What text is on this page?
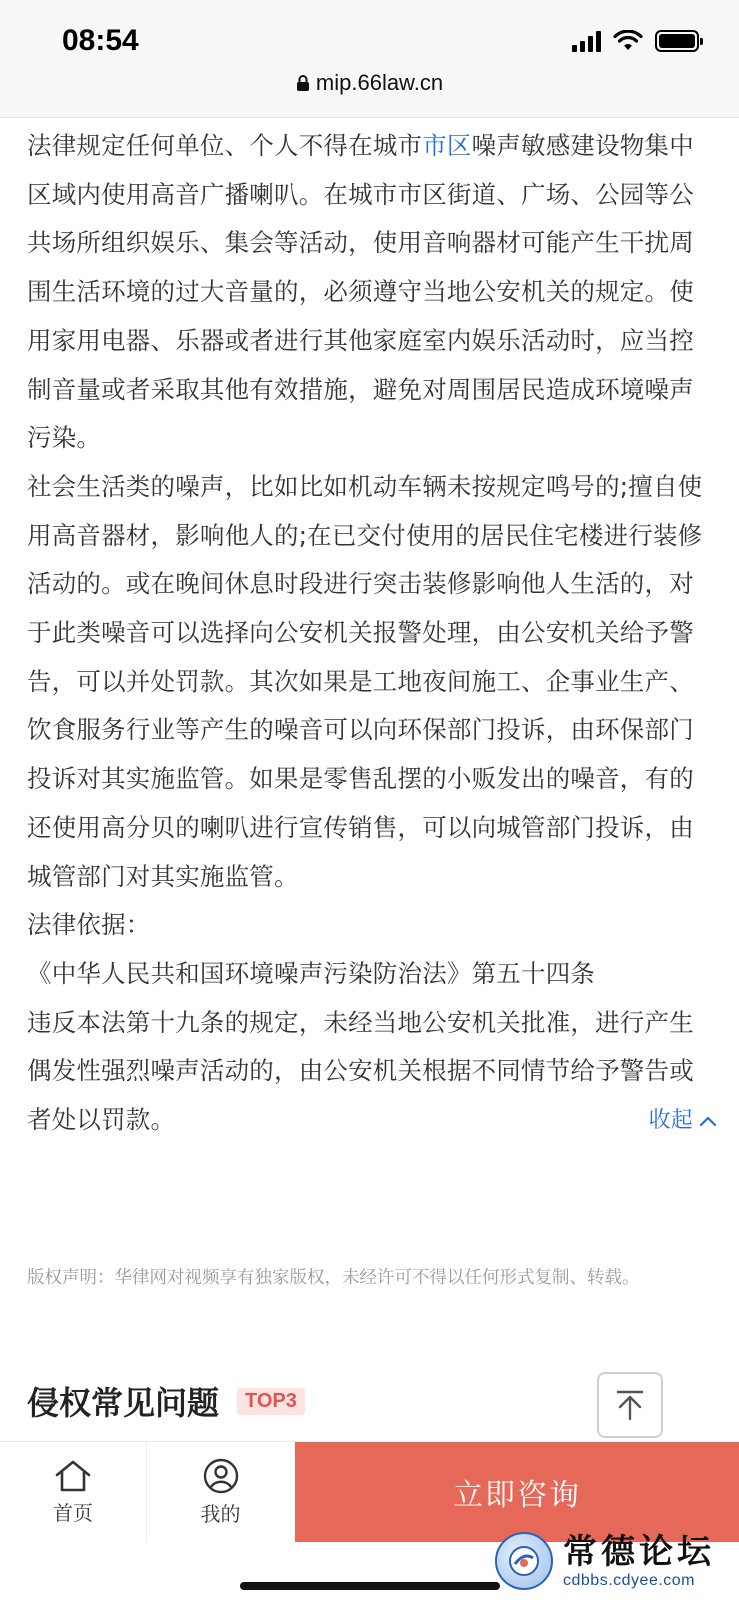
08:54
mip.66law.cn

法律规定任何单位、个人不得在城市市区噪声敏感建设物集中区域内使用高音广播喇叭。在城市市区街道、广场、公园等公共场所组织娱乐、集会等活动，使用音响器材可能产生干扰周围生活环境的过大音量的，必须遵守当地公安机关的规定。使用家用电器、乐器或者进行其他家庭室内娱乐活动时，应当控制音量或者采取其他有效措施，避免对周围居民造成环境噪声污染。

社会生活类的噪声，比如比如机动车辆未按规定鸣号的;擅自使用高音器材，影响他人的;在已交付使用的居民住宅楼进行装修活动的。或在晚间休息时段进行突击装修影响他人生活的，对于此类噪音可以选择向公安机关报警处理，由公安机关给予警告，可以并处罚款。其次如果是工地夜间施工、企事业生产、饮食服务行业等产生的噪音可以向环保部门投诉，由环保部门投诉对其实施监管。如果是零售乱摆的小贩发出的噪音，有的还使用高分贝的喇叭进行宣传销售，可以向城管部门投诉，由城管部门对其实施监管。

法律依据：

《中华人民共和国环境噪声污染防治法》第五十四条

违反本法第十九条的规定，未经当地公安机关批准，进行产生偶发性强烈噪声活动的，由公安机关根据不同情节给予警告或者处以罚款。	收起
版权声明：华律网对视频享有独家版权，未经许可不得以任何形式复制、转载。
侵权常见问题	TOP3
首页	我的
立即咨询
常德论坛
cdbbs.cdyee.com
